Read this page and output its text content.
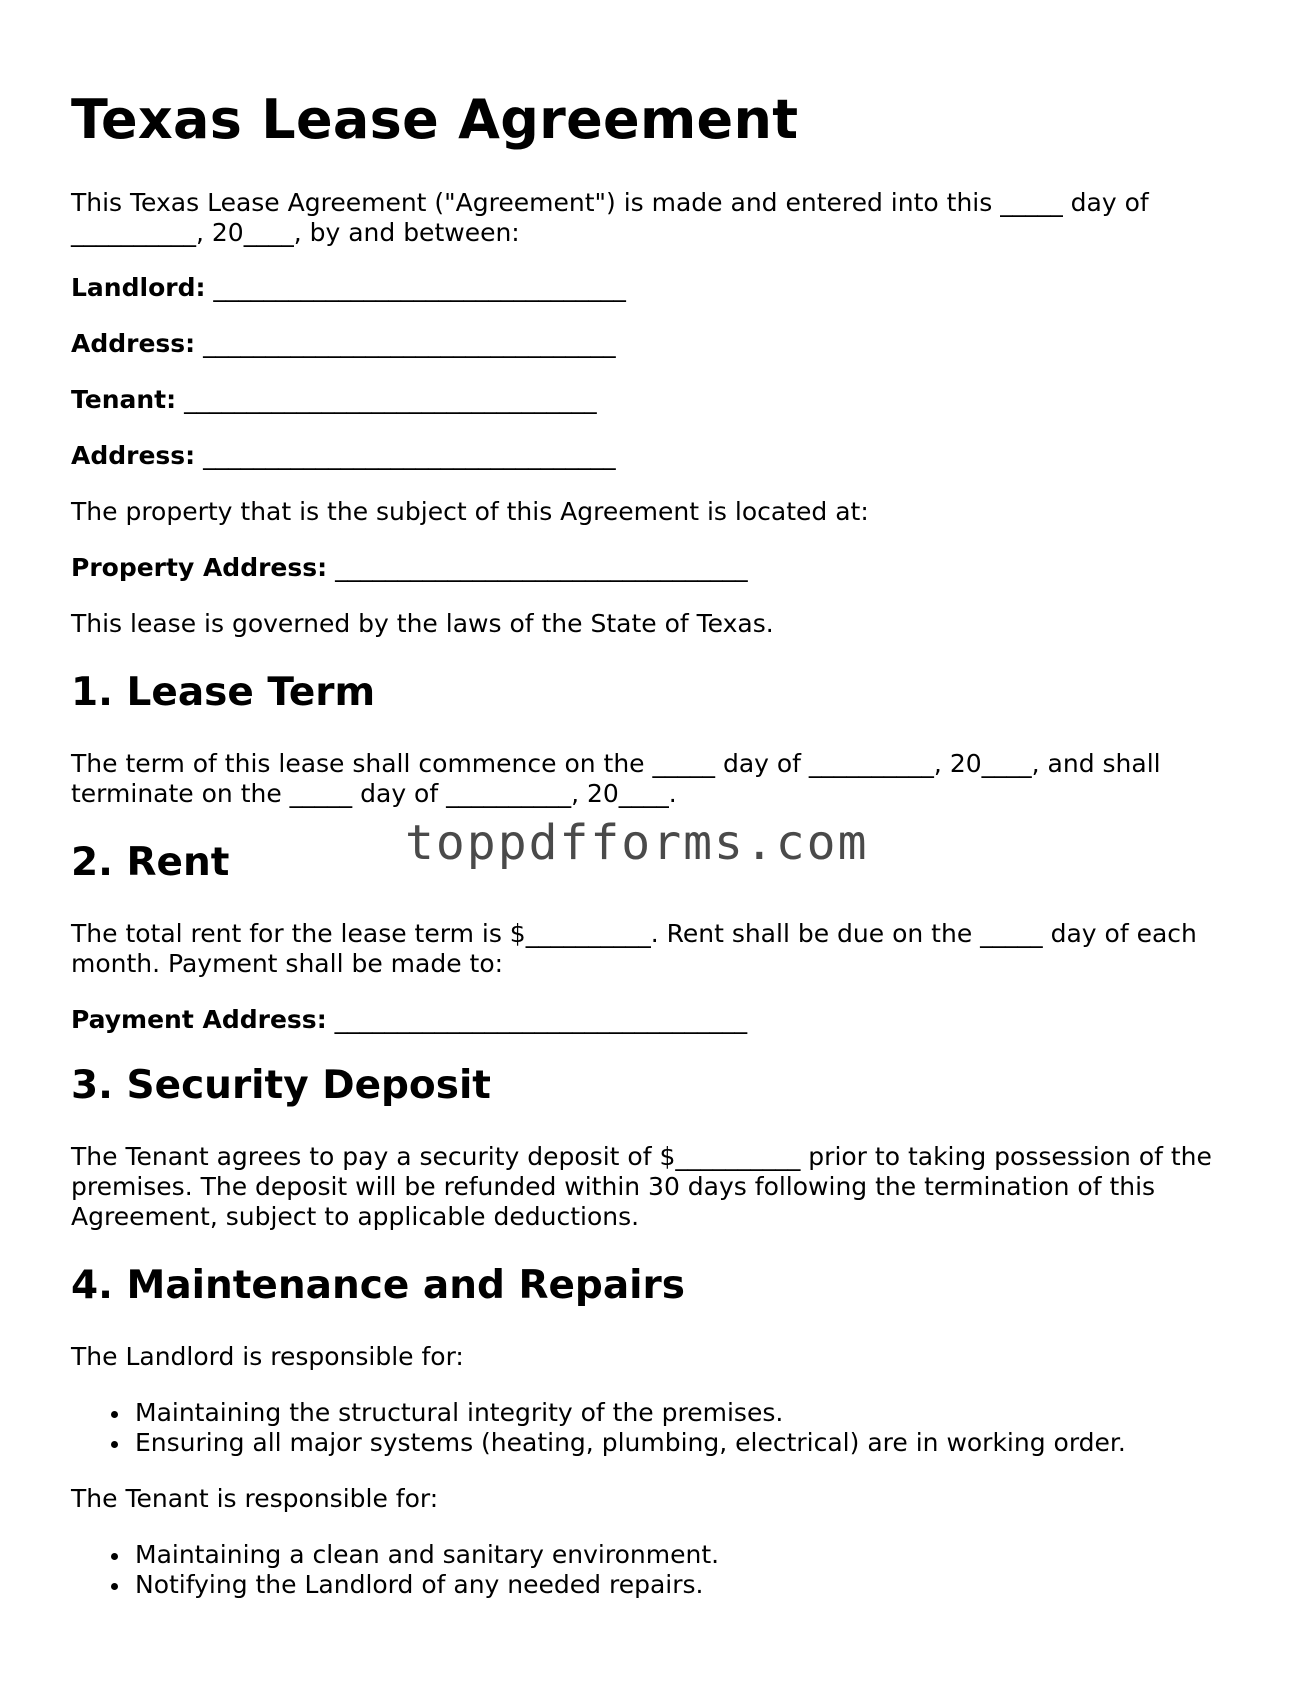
Texas Lease Agreement

This Texas Lease Agreement ("Agreement") is made and entered into this _____ day of

__________, 20____, by and between:

Landlord: _________________________________
Address: _________________________________
Tenant: _________________________________
Address: _________________________________

The property that is the subject of this Agreement is located at:

Property Address: _________________________________

This lease is governed by the laws of the State of Texas.

1. Lease Term

The term of this lease shall commence on the _____ day of __________, 20____, and shall

terminate on the _____ day of __________, 20____.

2. Rent

The total rent for the lease term is $__________. Rent shall be due on the _____ day of each

month. Payment shall be made to:

Payment Address: _________________________________
3. Security Deposit

The Tenant agrees to pay a security deposit of $__________ prior to taking possession of the

premises. The deposit will be refunded within 30 days following the termination of this

Agreement, subject to applicable deductions.

4. Maintenance and Repairs

The Landlord is responsible for:

Maintaining the structural integrity of the premises.
Ensuring all major systems (heating, plumbing, electrical) are in working order.

The Tenant is responsible for:

Maintaining a clean and sanitary environment.
Notifying the Landlord of any needed repairs.
toppdfforms.com
